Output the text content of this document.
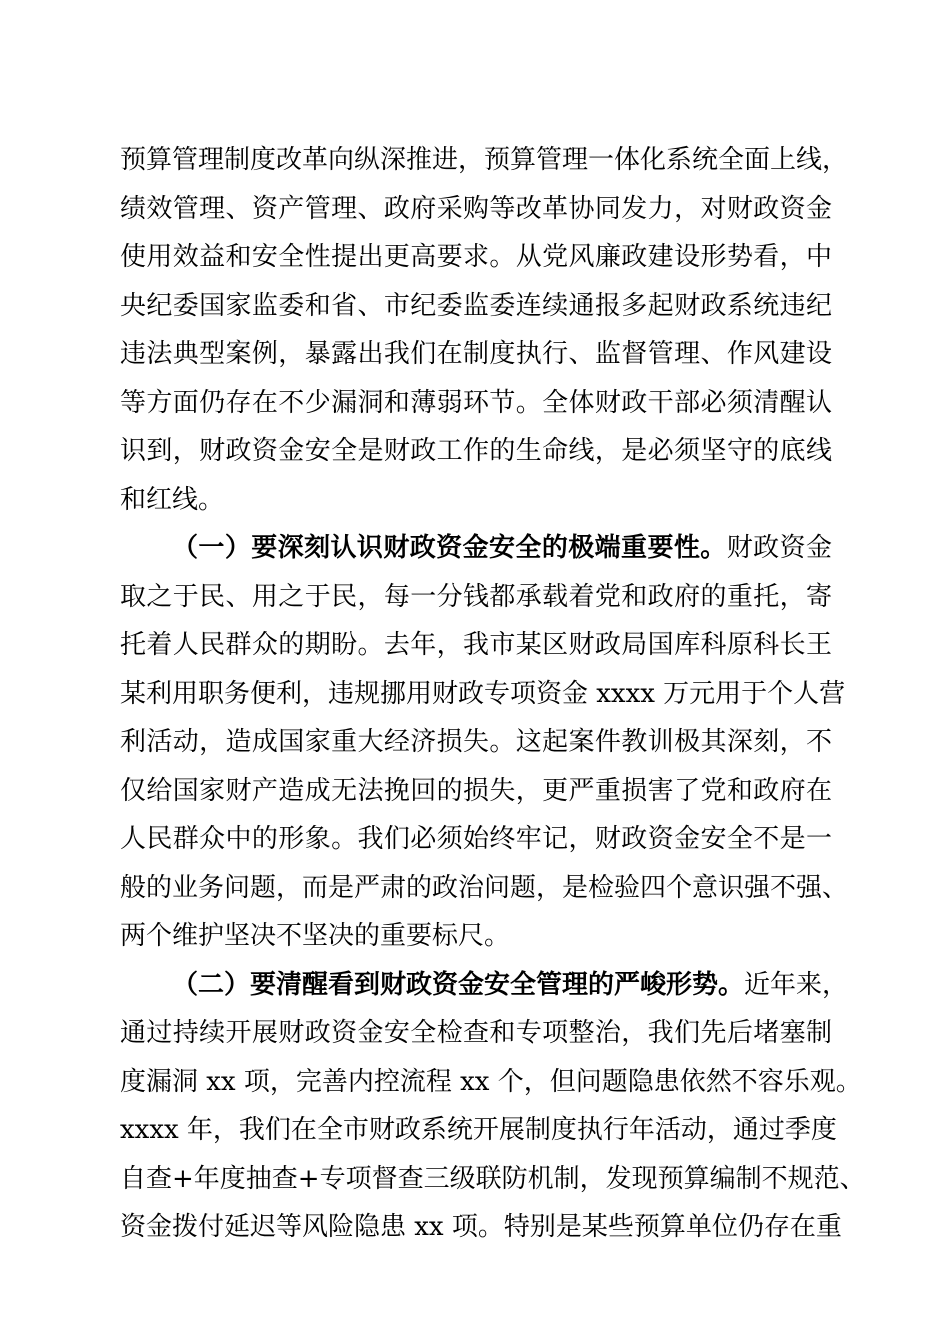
预算管理制度改革向纵深推进，预算管理一体化系统全面上线，
绩效管理、资产管理、政府采购等改革协同发力，对财政资金
使用效益和安全性提出更高要求。从党风廉政建设形势看，中
央纪委国家监委和省、市纪委监委连续通报多起财政系统违纪
违法典型案例，暴露出我们在制度执行、监督管理、作风建设
等方面仍存在不少漏洞和薄弱环节。全体财政干部必须清醒认
识到，财政资金安全是财政工作的生命线，是必须坚守的底线
和红线。
（一）要深刻认识财政资金安全的极端重要性。财政资金
取之于民、用之于民，每一分钱都承载着党和政府的重托，寄
托着人民群众的期盼。去年，我市某区财政局国库科原科长王
某利用职务便利，违规挪用财政专项资金 xxxx 万元用于个人营
利活动，造成国家重大经济损失。这起案件教训极其深刻，不
仅给国家财产造成无法挽回的损失，更严重损害了党和政府在
人民群众中的形象。我们必须始终牢记，财政资金安全不是一
般的业务问题，而是严肃的政治问题，是检验四个意识强不强、
两个维护坚决不坚决的重要标尺。
（二）要清醒看到财政资金安全管理的严峻形势。近年来，
通过持续开展财政资金安全检查和专项整治，我们先后堵塞制
度漏洞 xx 项，完善内控流程 xx 个，但问题隐患依然不容乐观。
xxxx 年，我们在全市财政系统开展制度执行年活动，通过季度
自查+年度抽查+专项督查三级联防机制，发现预算编制不规范、
资金拨付延迟等风险隐患 xx 项。特别是某些预算单位仍存在重
